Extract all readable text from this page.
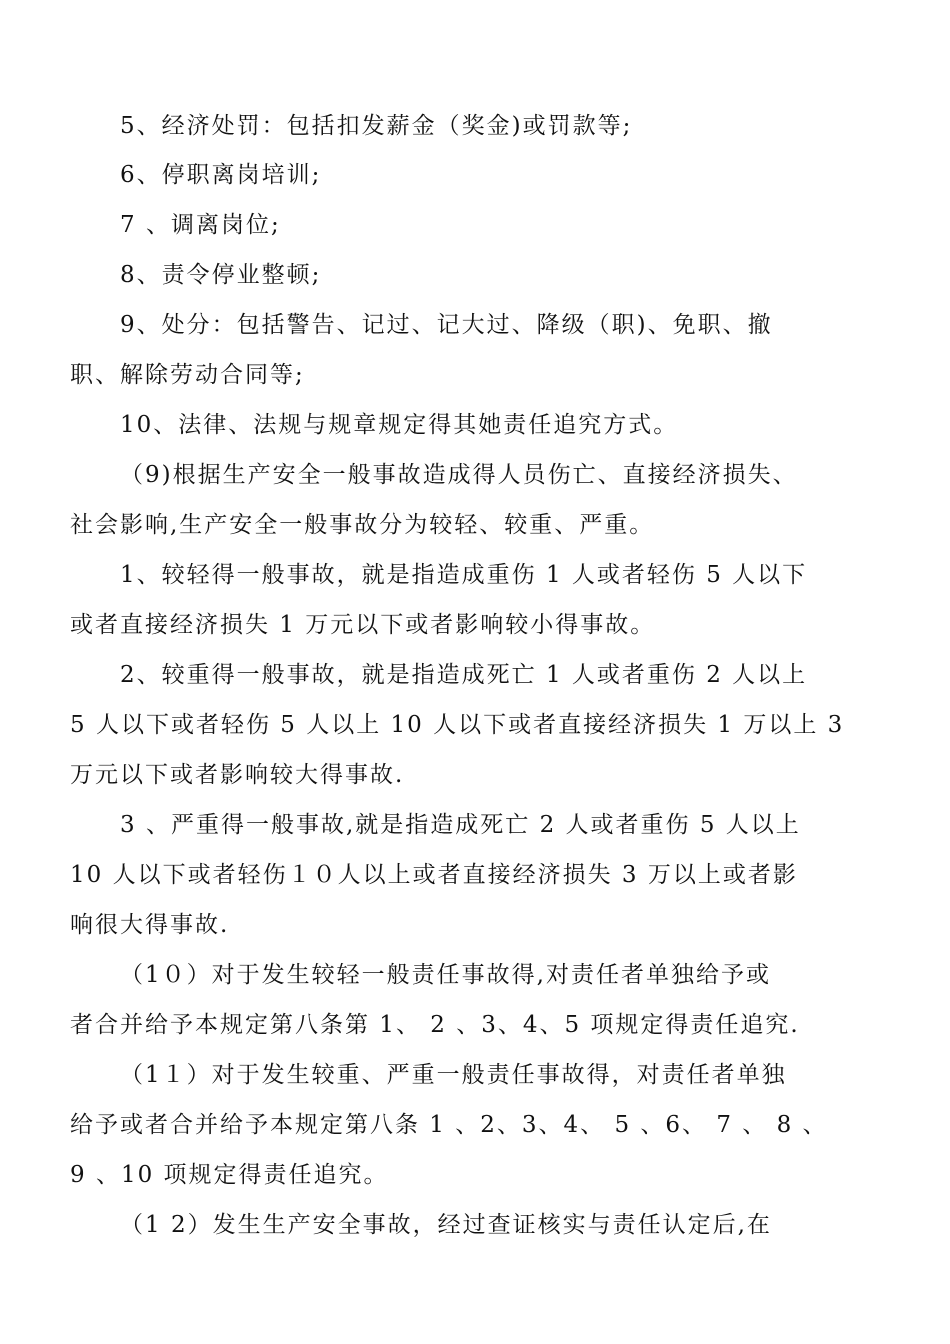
5、经济处罚：包括扣发薪金（奖金)或罚款等;
6、停职离岗培训;
7 、调离岗位;
8、责令停业整顿;
9、处分：包括警告、记过、记大过、降级（职)、免职、撤
职、解除劳动合同等;
10、法律、法规与规章规定得其她责任追究方式。
（9)根据生产安全一般事故造成得人员伤亡、直接经济损失、
社会影响,生产安全一般事故分为较轻、较重、严重。
1、较轻得一般事故，就是指造成重伤 1 人或者轻伤 5 人以下
或者直接经济损失 1 万元以下或者影响较小得事故。
2、较重得一般事故，就是指造成死亡 1 人或者重伤 2 人以上
5 人以下或者轻伤 5 人以上 10 人以下或者直接经济损失 1 万以上 3
万元以下或者影响较大得事故.
3 、严重得一般事故,就是指造成死亡 2 人或者重伤 5 人以上
10 人以下或者轻伤１０人以上或者直接经济损失 3 万以上或者影
响很大得事故.
（1０）对于发生较轻一般责任事故得,对责任者单独给予或
者合并给予本规定第八条第 1、 2 、3、4、5 项规定得责任追究.
（1１）对于发生较重、严重一般责任事故得，对责任者单独
给予或者合并给予本规定第八条 1 、2、3、4、 5 、6、 7 、 8 、
9 、10 项规定得责任追究。
（1 2）发生生产安全事故，经过查证核实与责任认定后,在
